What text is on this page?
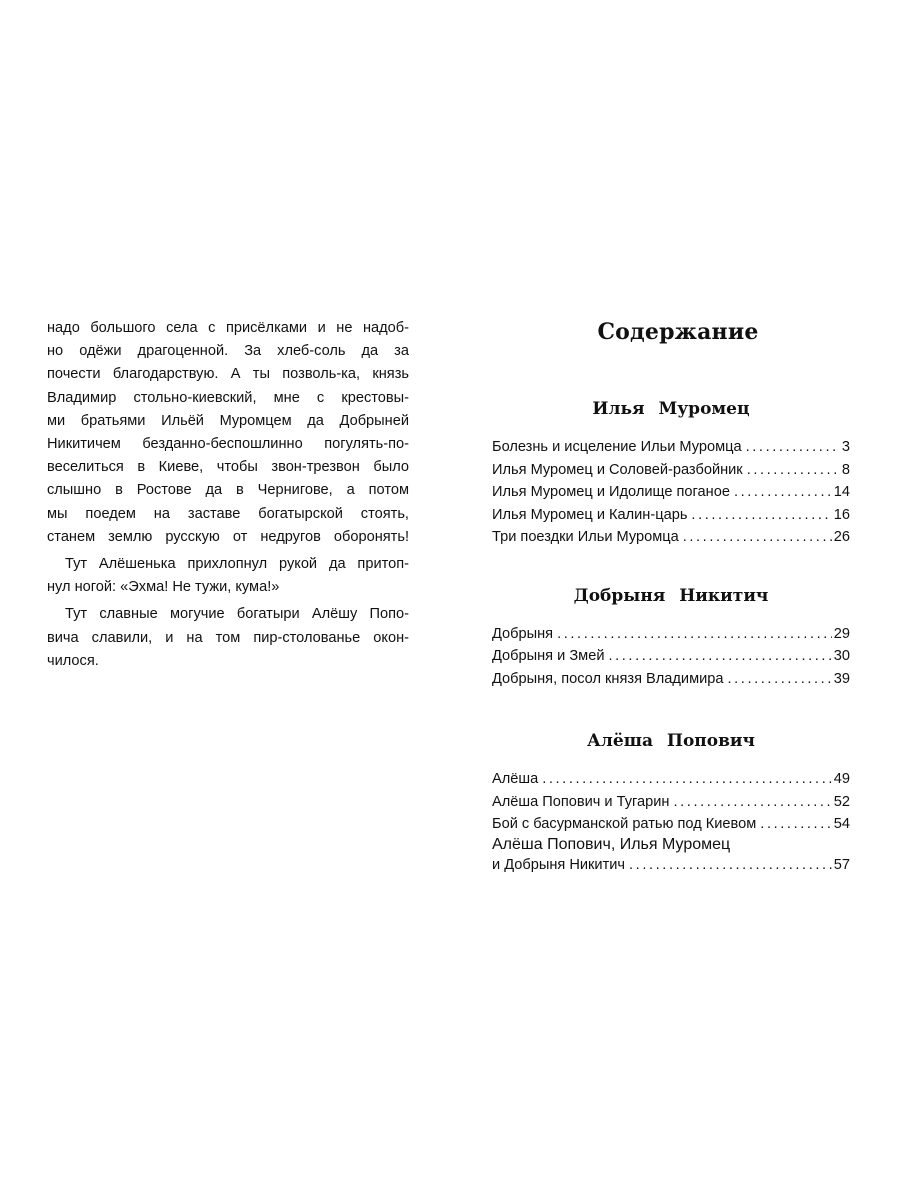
надо большого села с присёлками и не надоб-
но одёжи драгоценной. За хлеб-соль да за
почести благодарствую. А ты позволь-ка, князь
Владимир стольно-киевский, мне с крестовы-
ми братьями Ильёй Муромцем да Добрыней
Никитичем безданно-беспошлинно погулять-по-
веселиться в Киеве, чтобы звон-трезвон было
слышно в Ростове да в Чернигове, а потом
мы поедем на заставе богатырской стоять,
станем землю русскую от недругов оборонять!

Тут Алёшенька прихлопнул рукой да притоп-
нул ногой: «Эхма! Не тужи, кума!»

Тут славные могучие богатыри Алёшу Попо-
вича славили, и на том пир-столованье окон-
чилося.

Содержание
Илья Муромец
Болезнь и исцеление Ильи Муромца .....	3
Илья Муромец и Соловей-разбойник .....	8
Илья Муромец и Идолище поганое .....	14
Илья Муромец и Калин-царь .....	16
Три поездки Ильи Муромца .....	26
Добрыня Никитич
Добрыня .....	29
Добрыня и Змей .....	30
Добрыня, посол князя Владимира .....	39
Алёша Попович
Алёша .....	49
Алёша Попович и Тугарин .....	52
Бой с басурманской ратью под Киевом .....	54
Алёша Попович, Илья Муромец
и Добрыня Никитич .....	57
